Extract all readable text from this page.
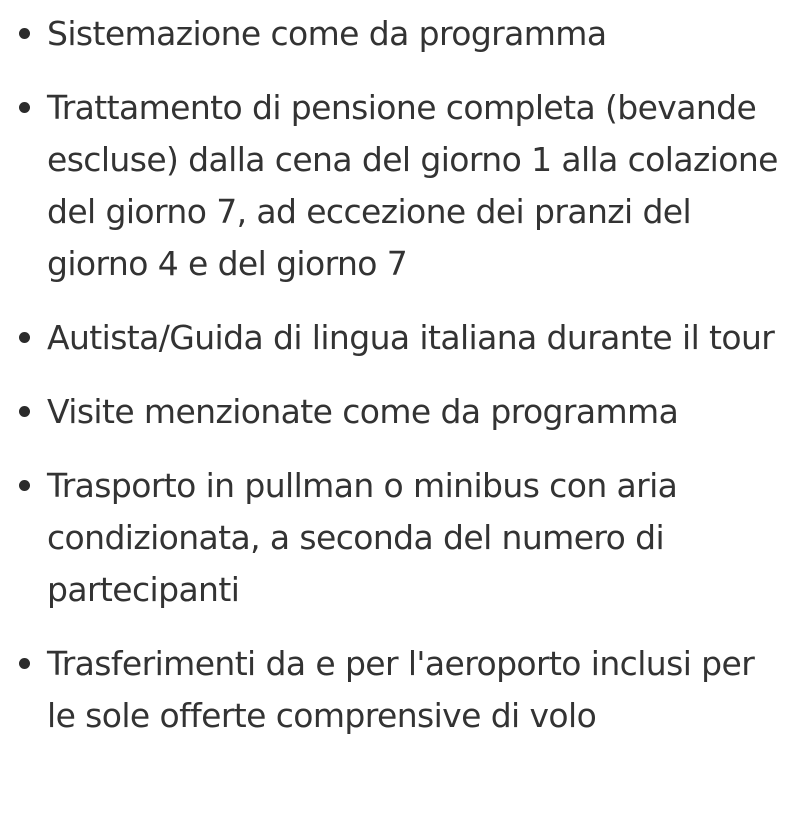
Sistemazione come da programma
Trattamento di pensione completa (bevande escluse) dalla cena del giorno 1 alla colazione del giorno 7, ad eccezione dei pranzi del giorno 4 e del giorno 7
Autista/Guida di lingua italiana durante il tour
Visite menzionate come da programma
Trasporto in pullman o minibus con aria condizionata, a seconda del numero di partecipanti
Trasferimenti da e per l'aeroporto inclusi per le sole offerte comprensive di volo
